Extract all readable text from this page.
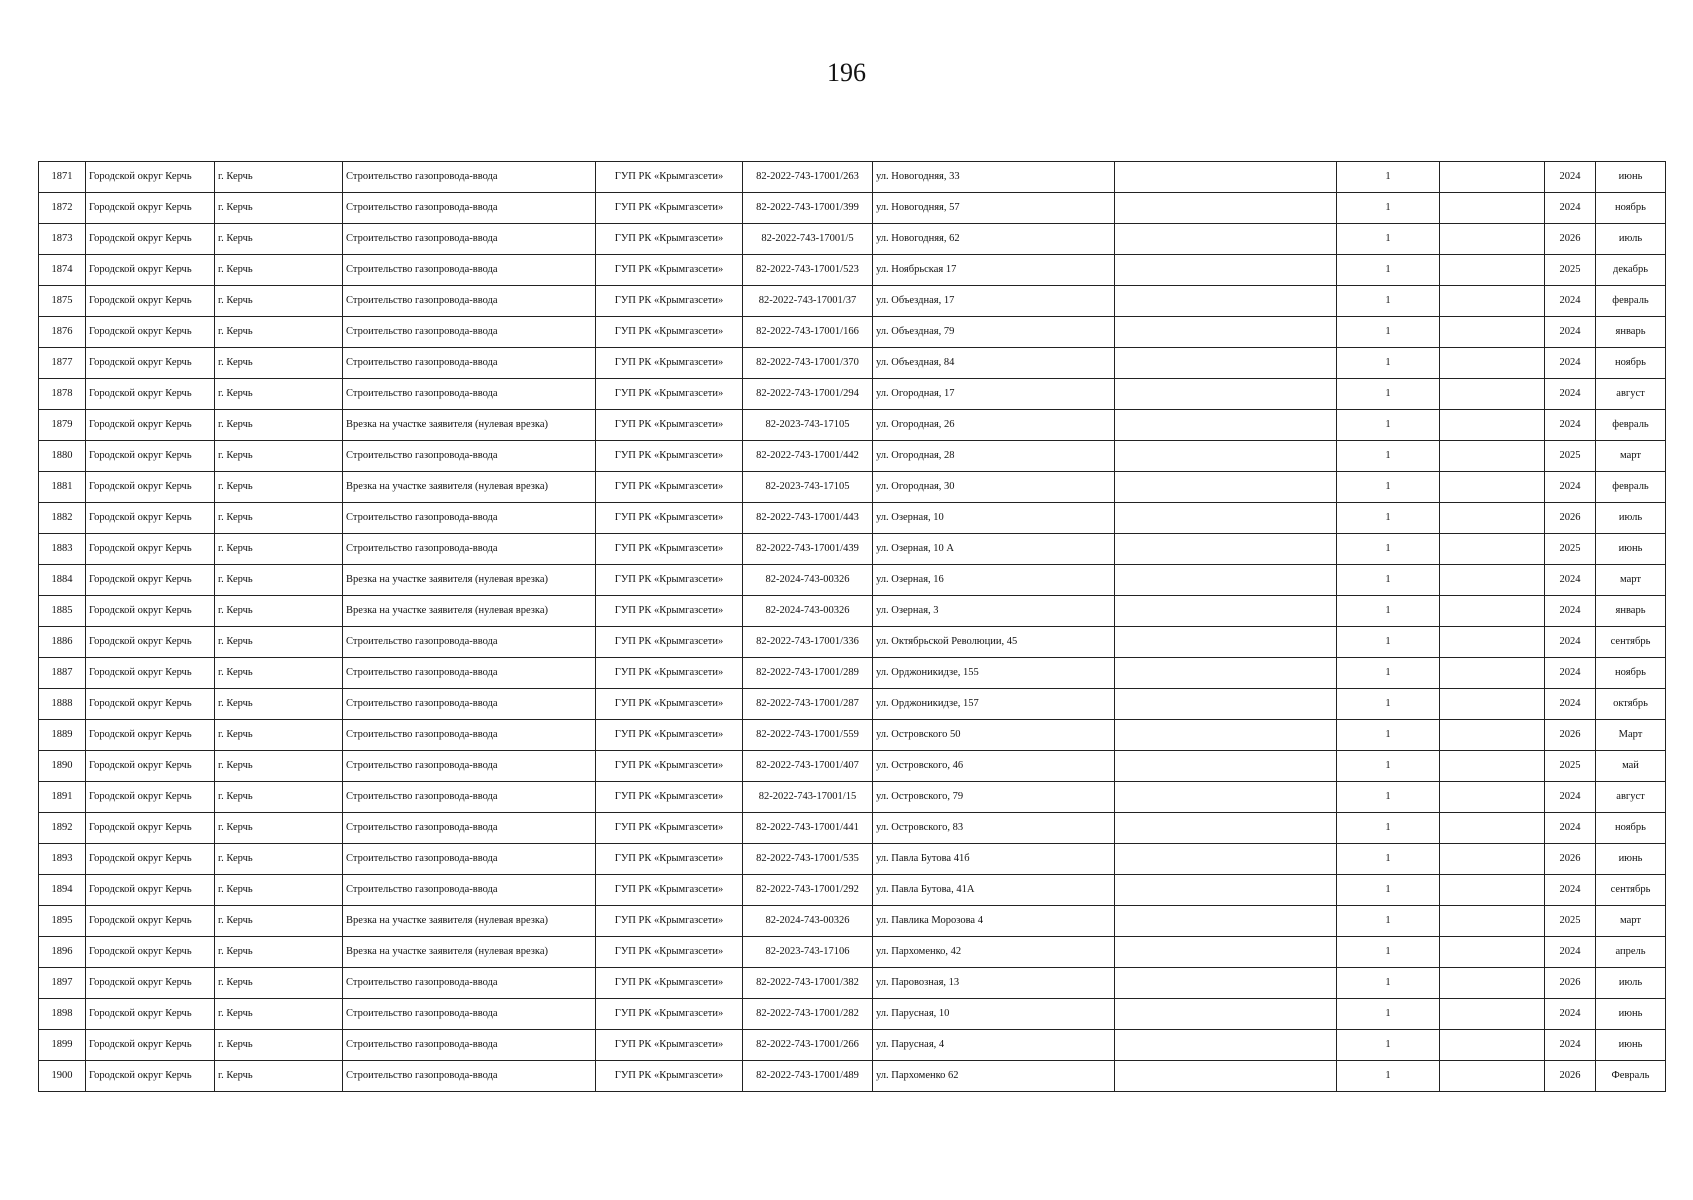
196
1871	Городской округ Керчь	г. Керчь	Строительство газопровода-ввода	ГУП РК «Крымгазсети»	82-2022-743-17001/263	ул. Новогодняя, 33		1		2024	июнь
1872	Городской округ Керчь	г. Керчь	Строительство газопровода-ввода	ГУП РК «Крымгазсети»	82-2022-743-17001/399	ул. Новогодняя, 57		1		2024	ноябрь
1873	Городской округ Керчь	г. Керчь	Строительство газопровода-ввода	ГУП РК «Крымгазсети»	82-2022-743-17001/5	ул. Новогодняя, 62		1		2026	июль
1874	Городской округ Керчь	г. Керчь	Строительство газопровода-ввода	ГУП РК «Крымгазсети»	82-2022-743-17001/523	ул. Ноябрьская 17		1		2025	декабрь
1875	Городской округ Керчь	г. Керчь	Строительство газопровода-ввода	ГУП РК «Крымгазсети»	82-2022-743-17001/37	ул. Объездная, 17		1		2024	февраль
1876	Городской округ Керчь	г. Керчь	Строительство газопровода-ввода	ГУП РК «Крымгазсети»	82-2022-743-17001/166	ул. Объездная, 79		1		2024	январь
1877	Городской округ Керчь	г. Керчь	Строительство газопровода-ввода	ГУП РК «Крымгазсети»	82-2022-743-17001/370	ул. Объездная, 84		1		2024	ноябрь
1878	Городской округ Керчь	г. Керчь	Строительство газопровода-ввода	ГУП РК «Крымгазсети»	82-2022-743-17001/294	ул. Огородная, 17		1		2024	август
1879	Городской округ Керчь	г. Керчь	Врезка на участке заявителя (нулевая врезка)	ГУП РК «Крымгазсети»	82-2023-743-17105	ул. Огородная, 26		1		2024	февраль
1880	Городской округ Керчь	г. Керчь	Строительство газопровода-ввода	ГУП РК «Крымгазсети»	82-2022-743-17001/442	ул. Огородная, 28		1		2025	март
1881	Городской округ Керчь	г. Керчь	Врезка на участке заявителя (нулевая врезка)	ГУП РК «Крымгазсети»	82-2023-743-17105	ул. Огородная, 30		1		2024	февраль
1882	Городской округ Керчь	г. Керчь	Строительство газопровода-ввода	ГУП РК «Крымгазсети»	82-2022-743-17001/443	ул. Озерная, 10		1		2026	июль
1883	Городской округ Керчь	г. Керчь	Строительство газопровода-ввода	ГУП РК «Крымгазсети»	82-2022-743-17001/439	ул. Озерная, 10 А		1		2025	июнь
1884	Городской округ Керчь	г. Керчь	Врезка на участке заявителя (нулевая врезка)	ГУП РК «Крымгазсети»	82-2024-743-00326	ул. Озерная, 16		1		2024	март
1885	Городской округ Керчь	г. Керчь	Врезка на участке заявителя (нулевая врезка)	ГУП РК «Крымгазсети»	82-2024-743-00326	ул. Озерная, 3		1		2024	январь
1886	Городской округ Керчь	г. Керчь	Строительство газопровода-ввода	ГУП РК «Крымгазсети»	82-2022-743-17001/336	ул. Октябрьской Революции, 45		1		2024	сентябрь
1887	Городской округ Керчь	г. Керчь	Строительство газопровода-ввода	ГУП РК «Крымгазсети»	82-2022-743-17001/289	ул. Орджоникидзе, 155		1		2024	ноябрь
1888	Городской округ Керчь	г. Керчь	Строительство газопровода-ввода	ГУП РК «Крымгазсети»	82-2022-743-17001/287	ул. Орджоникидзе, 157		1		2024	октябрь
1889	Городской округ Керчь	г. Керчь	Строительство газопровода-ввода	ГУП РК «Крымгазсети»	82-2022-743-17001/559	ул. Островского 50		1		2026	Март
1890	Городской округ Керчь	г. Керчь	Строительство газопровода-ввода	ГУП РК «Крымгазсети»	82-2022-743-17001/407	ул. Островского, 46		1		2025	май
1891	Городской округ Керчь	г. Керчь	Строительство газопровода-ввода	ГУП РК «Крымгазсети»	82-2022-743-17001/15	ул. Островского, 79		1		2024	август
1892	Городской округ Керчь	г. Керчь	Строительство газопровода-ввода	ГУП РК «Крымгазсети»	82-2022-743-17001/441	ул. Островского, 83		1		2024	ноябрь
1893	Городской округ Керчь	г. Керчь	Строительство газопровода-ввода	ГУП РК «Крымгазсети»	82-2022-743-17001/535	ул. Павла Бутова 41б		1		2026	июнь
1894	Городской округ Керчь	г. Керчь	Строительство газопровода-ввода	ГУП РК «Крымгазсети»	82-2022-743-17001/292	ул. Павла Бутова, 41А		1		2024	сентябрь
1895	Городской округ Керчь	г. Керчь	Врезка на участке заявителя (нулевая врезка)	ГУП РК «Крымгазсети»	82-2024-743-00326	ул. Павлика Морозова 4		1		2025	март
1896	Городской округ Керчь	г. Керчь	Врезка на участке заявителя (нулевая врезка)	ГУП РК «Крымгазсети»	82-2023-743-17106	ул. Пархоменко, 42		1		2024	апрель
1897	Городской округ Керчь	г. Керчь	Строительство газопровода-ввода	ГУП РК «Крымгазсети»	82-2022-743-17001/382	ул. Паровозная, 13		1		2026	июль
1898	Городской округ Керчь	г. Керчь	Строительство газопровода-ввода	ГУП РК «Крымгазсети»	82-2022-743-17001/282	ул. Парусная, 10		1		2024	июнь
1899	Городской округ Керчь	г. Керчь	Строительство газопровода-ввода	ГУП РК «Крымгазсети»	82-2022-743-17001/266	ул. Парусная, 4		1		2024	июнь
1900	Городской округ Керчь	г. Керчь	Строительство газопровода-ввода	ГУП РК «Крымгазсети»	82-2022-743-17001/489	ул. Пархоменко 62		1		2026	Февраль
